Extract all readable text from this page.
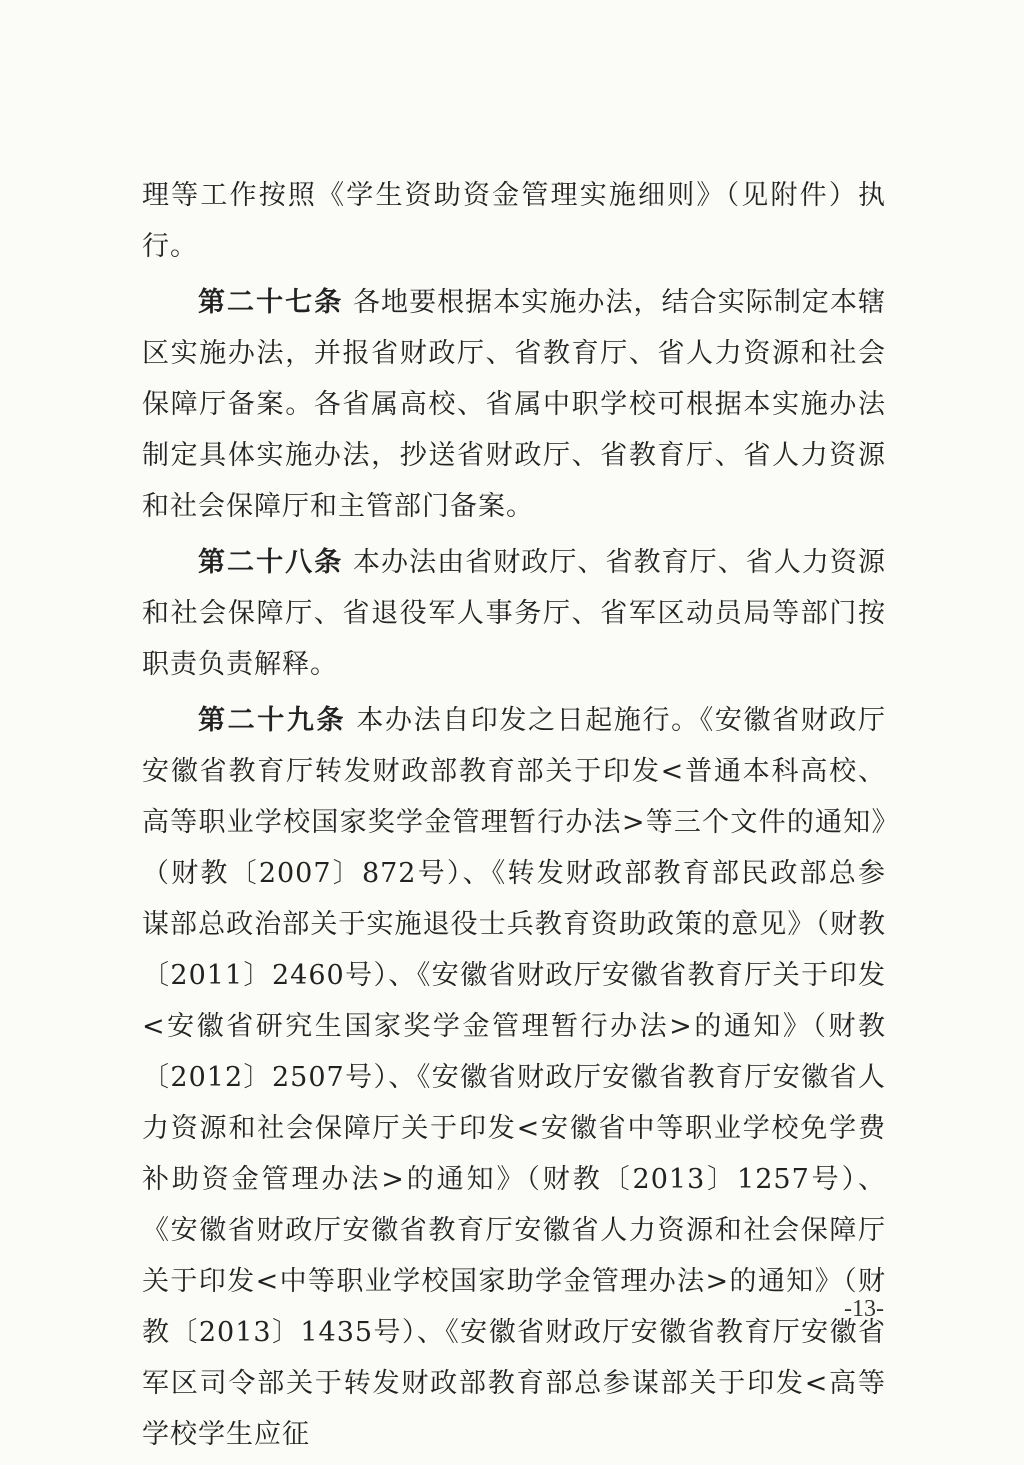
理等工作按照《学生资助资金管理实施细则》（见附件）执行。

第二十七条 各地要根据本实施办法，结合实际制定本辖区实施办法，并报省财政厅、省教育厅、省人力资源和社会保障厅备案。各省属高校、省属中职学校可根据本实施办法制定具体实施办法，抄送省财政厅、省教育厅、省人力资源和社会保障厅和主管部门备案。

第二十八条 本办法由省财政厅、省教育厅、省人力资源和社会保障厅、省退役军人事务厅、省军区动员局等部门按职责负责解释。

第二十九条 本办法自印发之日起施行。《安徽省财政厅 安徽省教育厅转发财政部教育部关于印发<普通本科高校、高等职业学校国家奖学金管理暂行办法>等三个文件的通知》（财教〔2007〕872号）、《转发财政部教育部民政部总参谋部总政治部关于实施退役士兵教育资助政策的意见》（财教〔2011〕2460号）、《安徽省财政厅安徽省教育厅关于印发<安徽省研究生国家奖学金管理暂行办法>的通知》（财教〔2012〕2507号）、《安徽省财政厅安徽省教育厅安徽省人力资源和社会保障厅关于印发<安徽省中等职业学校免学费补助资金管理办法>的通知》（财教〔2013〕1257号）、《安徽省财政厅安徽省教育厅安徽省人力资源和社会保障厅关于印发<中等职业学校国家助学金管理办法>的通知》（财教〔2013〕1435号）、《安徽省财政厅安徽省教育厅安徽省军区司令部关于转发财政部教育部总参谋部关于印发<高等学校学生应征

-13-
